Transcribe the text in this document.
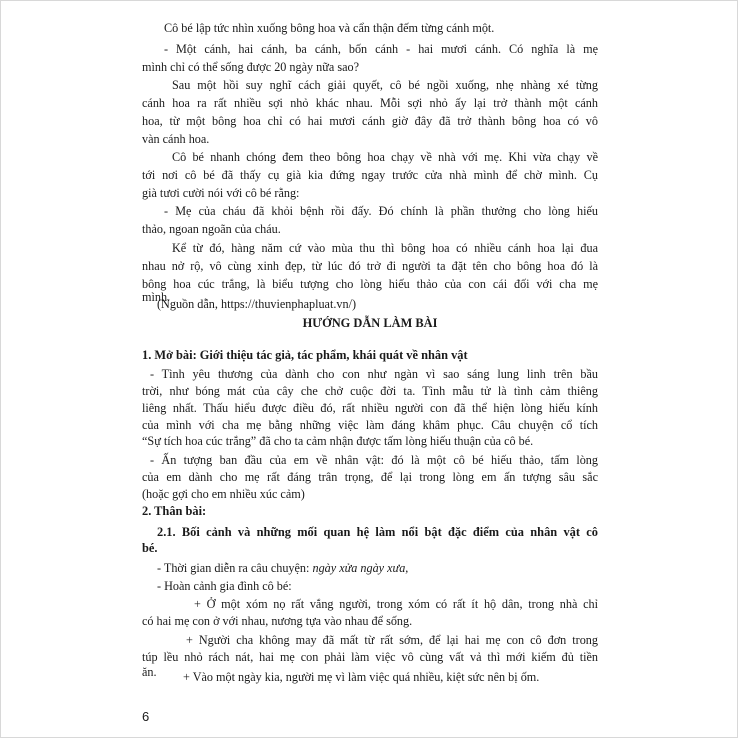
Cô bé lập tức nhìn xuống bông hoa và cẩn thận đếm từng cánh một.
- Một cánh, hai cánh, ba cánh, bốn cánh - hai mươi cánh. Có nghĩa là mẹ
mình chỉ có thể sống được 20 ngày nữa sao?
Sau một hồi suy nghĩ cách giải quyết, cô bé ngồi xuống, nhẹ nhàng xé từng
cánh hoa ra rất nhiều sợi nhỏ khác nhau. Mỗi sợi nhỏ ấy lại trở thành một cánh
hoa, từ một bông hoa chỉ có hai mươi cánh giờ đây đã trở thành bông hoa có vô
vàn cánh hoa.
Cô bé nhanh chóng đem theo bông hoa chạy về nhà với mẹ. Khi vừa chạy về
tới nơi cô bé đã thấy cụ già kia đứng ngay trước cửa nhà mình để chờ mình. Cụ
già tươi cười nói với cô bé rằng:
- Mẹ của cháu đã khỏi bệnh rồi đấy. Đó chính là phần thưởng cho lòng hiếu
thảo, ngoan ngoãn của cháu.
Kể từ đó, hàng năm cứ vào mùa thu thì bông hoa có nhiều cánh hoa lại đua
nhau nở rộ, vô cùng xinh đẹp, từ lúc đó trở đi người ta đặt tên cho bông hoa đó là
bông hoa cúc trắng, là biểu tượng cho lòng hiếu thảo của con cái đối với cha mẹ
mình.
(Nguồn dẫn, https://thuvienphapluat.vn/)
HƯỚNG DẪN LÀM BÀI
1. Mở bài: Giới thiệu tác giả, tác phẩm, khái quát về nhân vật
- Tình yêu thương của dành cho con như ngàn vì sao sáng lung linh trên bầu
trời, như bóng mát của cây che chở cuộc đời ta. Tình mẫu tử là tình cảm thiêng
liêng nhất. Thấu hiểu được điều đó, rất nhiều người con đã thể hiện lòng hiếu kính
của mình với cha mẹ bằng những việc làm đáng khâm phục. Câu chuyện cổ tích
“Sự tích hoa cúc trắng” đã cho ta cảm nhận được tấm lòng hiếu thuận của cô bé.
- Ấn tượng ban đầu của em về nhân vật: đó là một cô bé hiếu thảo, tấm lòng
của em dành cho mẹ rất đáng trân trọng, để lại trong lòng em ấn tượng sâu sắc
(hoặc gợi cho em nhiều xúc cảm)
2. Thân bài:
2.1. Bối cảnh và những mối quan hệ làm nổi bật đặc điểm của nhân vật cô
bé.
- Thời gian diễn ra câu chuyện: ngày xửa ngày xưa,
- Hoàn cảnh gia đình cô bé:
+ Ở một xóm nọ rất vắng người, trong xóm có rất ít hộ dân, trong nhà chỉ
có hai mẹ con ở với nhau, nương tựa vào nhau để sống.
+ Người cha không may đã mất từ rất sớm, để lại hai mẹ con cô đơn trong
túp lều nhỏ rách nát, hai mẹ con phải làm việc vô cùng vất vả thì mới kiếm đủ tiền
ăn. + Vào một ngày kia, người mẹ vì làm việc quá nhiều, kiệt sức nên bị ốm.
6
